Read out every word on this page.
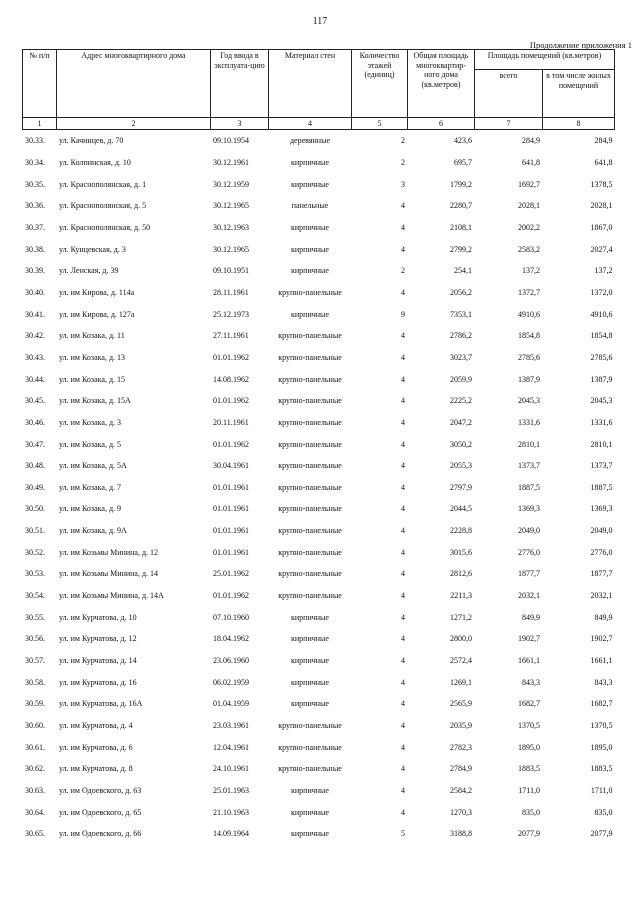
117
Продолжение приложения 1
№ п/п	Адрес многоквартирного дома	Год ввода в эксплуата-цию	Материал стен	Количество этажей (единиц)	Общая площадь многоквартир-ного дома (кв.метров)	Площадь помещений (кв.метров)	
						всего	в том числе жилых помещений
1	2	3	4	5	6	7	8
30.33.	ул. Качинцев, д. 70	09.10.1954	деревянные	2	423,6	284,9	284,9
30.34.	ул. Колпинская, д. 10	30.12.1961	кирпичные	2	695,7	641,8	641,8
30.35.	ул. Краснополянская, д. 1	30.12.1959	кирпичные	3	1799,2	1692,7	1378,5
30.36.	ул. Краснополянская, д. 5	30.12.1965	панельные	4	2280,7	2028,1	2028,1
30.37.	ул. Краснополянская, д. 50	30.12.1963	кирпичные	4	2108,1	2002,2	1867,0
30.38.	ул. Кунцевская, д. 3	30.12.1965	кирпичные	4	2799,2	2583,2	2027,4
30.39.	ул. Ленская, д. 39	09.10.1951	кирпичные	2	254,1	137,2	137,2
30.40.	ул. им Кирова, д. 114а	28.11.1961	крупно-панельные	4	2056,2	1372,7	1372,0
30.41.	ул. им Кирова, д. 127а	25.12.1973	кирпичные	9	7353,1	4910,6	4910,6
30.42.	ул. им Козака, д. 11	27.11.1961	крупно-панельные	4	2786,2	1854,8	1854,8
30.43.	ул. им Козака, д. 13	01.01.1962	крупно-панельные	4	3023,7	2785,6	2785,6
30.44.	ул. им Козака, д. 15	14.08.1962	крупно-панельные	4	2059,9	1387,9	1387,9
30.45.	ул. им Козака, д. 15А	01.01.1962	крупно-панельные	4	2225,2	2045,3	2045,3
30.46.	ул. им Козака, д. 3	20.11.1961	крупно-панельные	4	2047,2	1331,6	1331,6
30.47.	ул. им Козака, д. 5	01.01.1962	крупно-панельные	4	3050,2	2810,1	2810,1
30.48.	ул. им Козака, д. 5А	30.04.1961	крупно-панельные	4	2055,3	1373,7	1373,7
30.49.	ул. им Козака, д. 7	01.01.1961	крупно-панельные	4	2797,9	1887,5	1887,5
30.50.	ул. им Козака, д. 9	01.01.1961	крупно-панельные	4	2044,5	1369,3	1369,3
30.51.	ул. им Козака, д. 9А	01.01.1961	крупно-панельные	4	2228,8	2049,0	2049,0
30.52.	ул. им Козьмы Минина, д. 12	01.01.1961	крупно-панельные	4	3015,6	2776,0	2776,0
30.53.	ул. им Козьмы Минина, д. 14	25.01.1962	крупно-панельные	4	2812,6	1877,7	1877,7
30.54.	ул. им Козьмы Минина, д. 14А	01.01.1962	крупно-панельные	4	2211,3	2032,1	2032,1
30.55.	ул. им Курчатова, д. 10	07.10.1960	кирпичные	4	1271,2	849,9	849,9
30.56.	ул. им Курчатова, д. 12	18.04.1962	кирпичные	4	2800,0	1902,7	1902,7
30.57.	ул. им Курчатова, д. 14	23.06.1960	кирпичные	4	2572,4	1661,1	1661,1
30.58.	ул. им Курчатова, д. 16	06.02.1959	кирпичные	4	1269,1	843,3	843,3
30.59.	ул. им Курчатова, д. 16А	01.04.1959	кирпичные	4	2565,9	1682,7	1682,7
30.60.	ул. им Курчатова, д. 4	23.03.1961	крупно-панельные	4	2035,9	1370,5	1370,5
30.61.	ул. им Курчатова, д. 6	12.04.1961	крупно-панельные	4	2782,3	1895,0	1895,0
30.62.	ул. им Курчатова, д. 8	24.10.1961	крупно-панельные	4	2784,9	1883,5	1883,5
30.63.	ул. им Одоевского, д. 63	25.01.1963	кирпичные	4	2584,2	1711,0	1711,0
30.64.	ул. им Одоевского, д. 65	21.10.1963	кирпичные	4	1270,3	835,0	835,0
30.65.	ул. им Одоевского, д. 66	14.09.1964	кирпичные	5	3188,8	2077,9	2077,9
